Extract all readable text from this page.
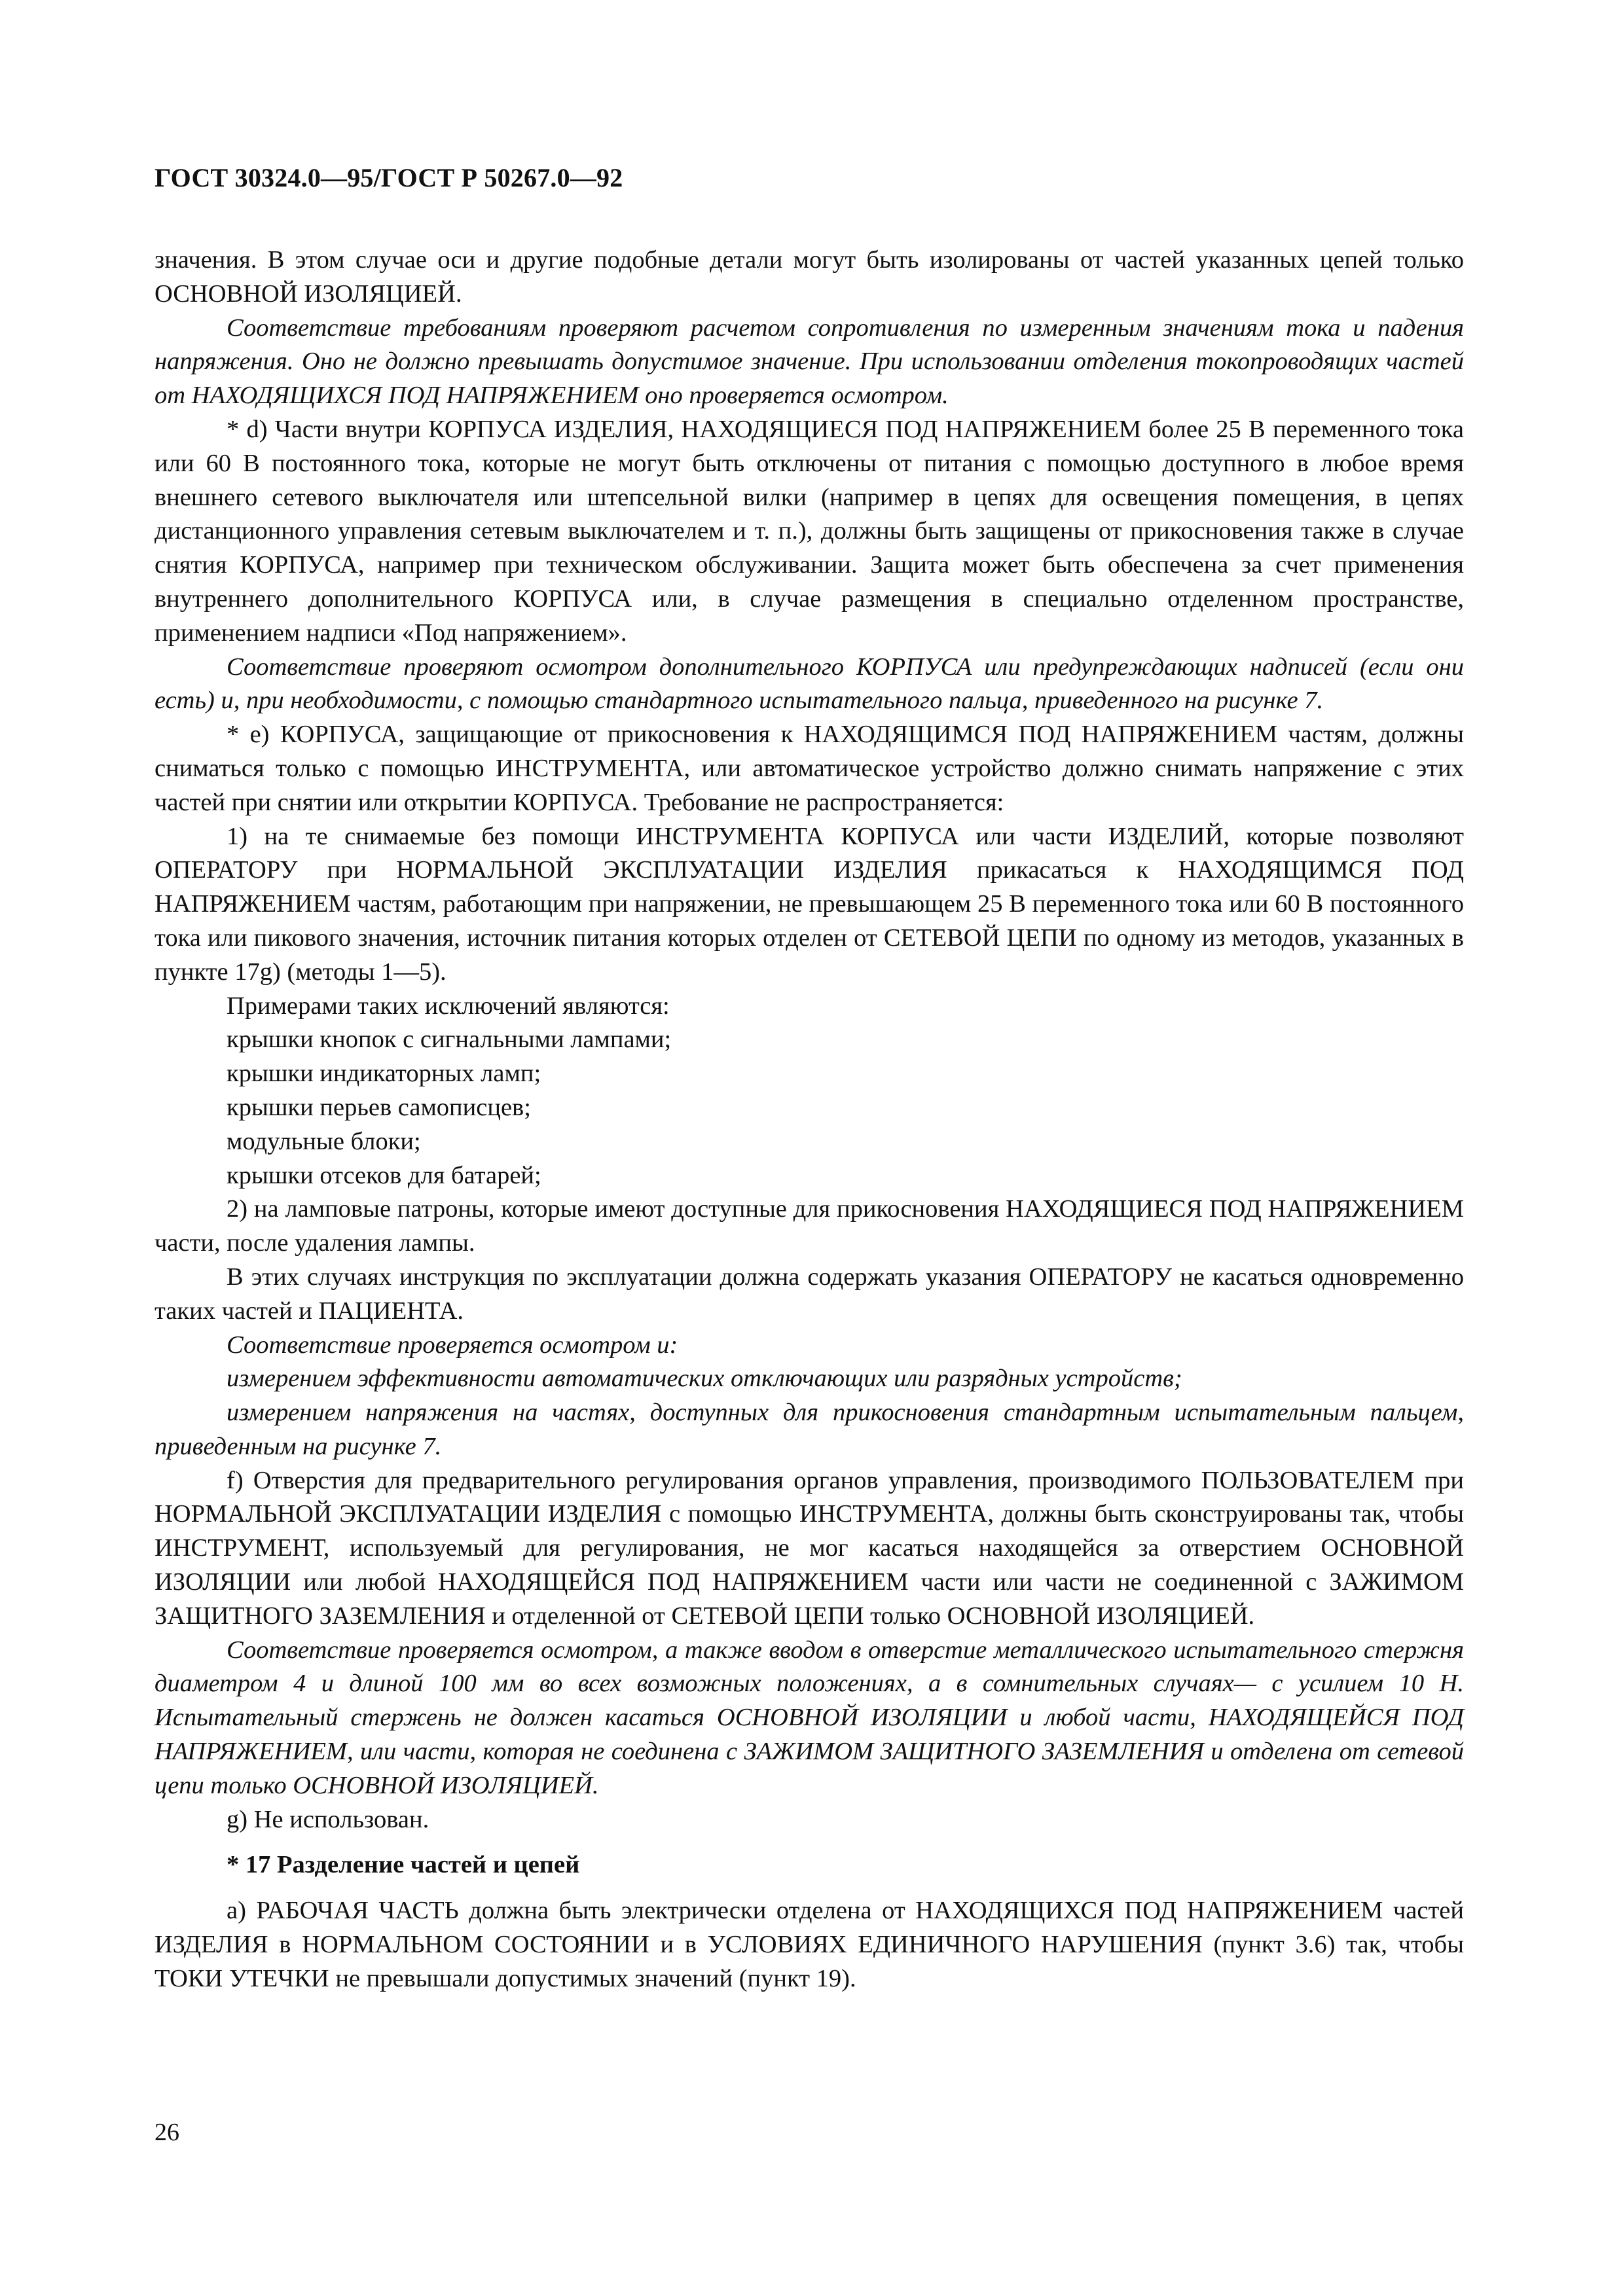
ГОСТ 30324.0—95/ГОСТ Р 50267.0—92

значения. В этом случае оси и другие подобные детали могут быть изолированы от частей указанных цепей только ОСНОВНОЙ ИЗОЛЯЦИЕЙ.

Соответствие требованиям проверяют расчетом сопротивления по измеренным значениям тока и падения напряжения. Оно не должно превышать допустимое значение. При использовании отделения токопроводящих частей от НАХОДЯЩИХСЯ ПОД НАПРЯЖЕНИЕМ оно проверяется осмотром.

* d) Части внутри КОРПУСА ИЗДЕЛИЯ, НАХОДЯЩИЕСЯ ПОД НАПРЯЖЕНИЕМ более 25 В переменного тока или 60 В постоянного тока, которые не могут быть отключены от питания с помощью доступного в любое время внешнего сетевого выключателя или штепсельной вилки (например в цепях для освещения помещения, в цепях дистанционного управления сетевым выключателем и т. п.), должны быть защищены от прикосновения также в случае снятия КОРПУСА, например при техническом обслуживании. Защита может быть обеспечена за счет применения внутреннего дополнительного КОРПУСА или, в случае размещения в специально отделенном пространстве, применением надписи «Под напряжением».

Соответствие проверяют осмотром дополнительного КОРПУСА или предупреждающих надписей (если они есть) и, при необходимости, с помощью стандартного испытательного пальца, приведенного на рисунке 7.

* е) КОРПУСА, защищающие от прикосновения к НАХОДЯЩИМСЯ ПОД НАПРЯЖЕНИЕМ частям, должны сниматься только с помощью ИНСТРУМЕНТА, или автоматическое устройство должно снимать напряжение с этих частей при снятии или открытии КОРПУСА. Требование не распространяется:

1) на те снимаемые без помощи ИНСТРУМЕНТА КОРПУСА или части ИЗДЕЛИЙ, которые позволяют ОПЕРАТОРУ при НОРМАЛЬНОЙ ЭКСПЛУАТАЦИИ ИЗДЕЛИЯ прикасаться к НАХОДЯЩИМСЯ ПОД НАПРЯЖЕНИЕМ частям, работающим при напряжении, не превышающем 25 В переменного тока или 60 В постоянного тока или пикового значения, источник питания которых отделен от СЕТЕВОЙ ЦЕПИ по одному из методов, указанных в пункте 17g) (методы 1—5).

Примерами таких исключений являются:

крышки кнопок с сигнальными лампами;

крышки индикаторных ламп;

крышки перьев самописцев;

модульные блоки;

крышки отсеков для батарей;

2) на ламповые патроны, которые имеют доступные для прикосновения НАХОДЯЩИЕСЯ ПОД НАПРЯЖЕНИЕМ части, после удаления лампы.

В этих случаях инструкция по эксплуатации должна содержать указания ОПЕРАТОРУ не касаться одновременно таких частей и ПАЦИЕНТА.

Соответствие проверяется осмотром и:

измерением эффективности автоматических отключающих или разрядных устройств;

измерением напряжения на частях, доступных для прикосновения стандартным испытательным пальцем, приведенным на рисунке 7.

f) Отверстия для предварительного регулирования органов управления, производимого ПОЛЬЗОВАТЕЛЕМ при НОРМАЛЬНОЙ ЭКСПЛУАТАЦИИ ИЗДЕЛИЯ с помощью ИНСТРУМЕНТА, должны быть сконструированы так, чтобы ИНСТРУМЕНТ, используемый для регулирования, не мог касаться находящейся за отверстием ОСНОВНОЙ ИЗОЛЯЦИИ или любой НАХОДЯЩЕЙСЯ ПОД НАПРЯЖЕНИЕМ части или части не соединенной с ЗАЖИМОМ ЗАЩИТНОГО ЗАЗЕМЛЕНИЯ и отделенной от СЕТЕВОЙ ЦЕПИ только ОСНОВНОЙ ИЗОЛЯЦИЕЙ.

Соответствие проверяется осмотром, а также вводом в отверстие металлического испытательного стержня диаметром 4 и длиной 100 мм во всех возможных положениях, а в сомнительных случаях— с усилием 10 Н. Испытательный стержень не должен касаться ОСНОВНОЙ ИЗОЛЯЦИИ и любой части, НАХОДЯЩЕЙСЯ ПОД НАПРЯЖЕНИЕМ, или части, которая не соединена с ЗАЖИМОМ ЗАЩИТНОГО ЗАЗЕМЛЕНИЯ и отделена от сетевой цепи только ОСНОВНОЙ ИЗОЛЯЦИЕЙ.

g) Не использован.

* 17 Разделение частей и цепей

а) РАБОЧАЯ ЧАСТЬ должна быть электрически отделена от НАХОДЯЩИХСЯ ПОД НАПРЯЖЕНИЕМ частей ИЗДЕЛИЯ в НОРМАЛЬНОМ СОСТОЯНИИ и в УСЛОВИЯХ ЕДИНИЧНОГО НАРУШЕНИЯ (пункт 3.6) так, чтобы ТОКИ УТЕЧКИ не превышали допустимых значений (пункт 19).

26
